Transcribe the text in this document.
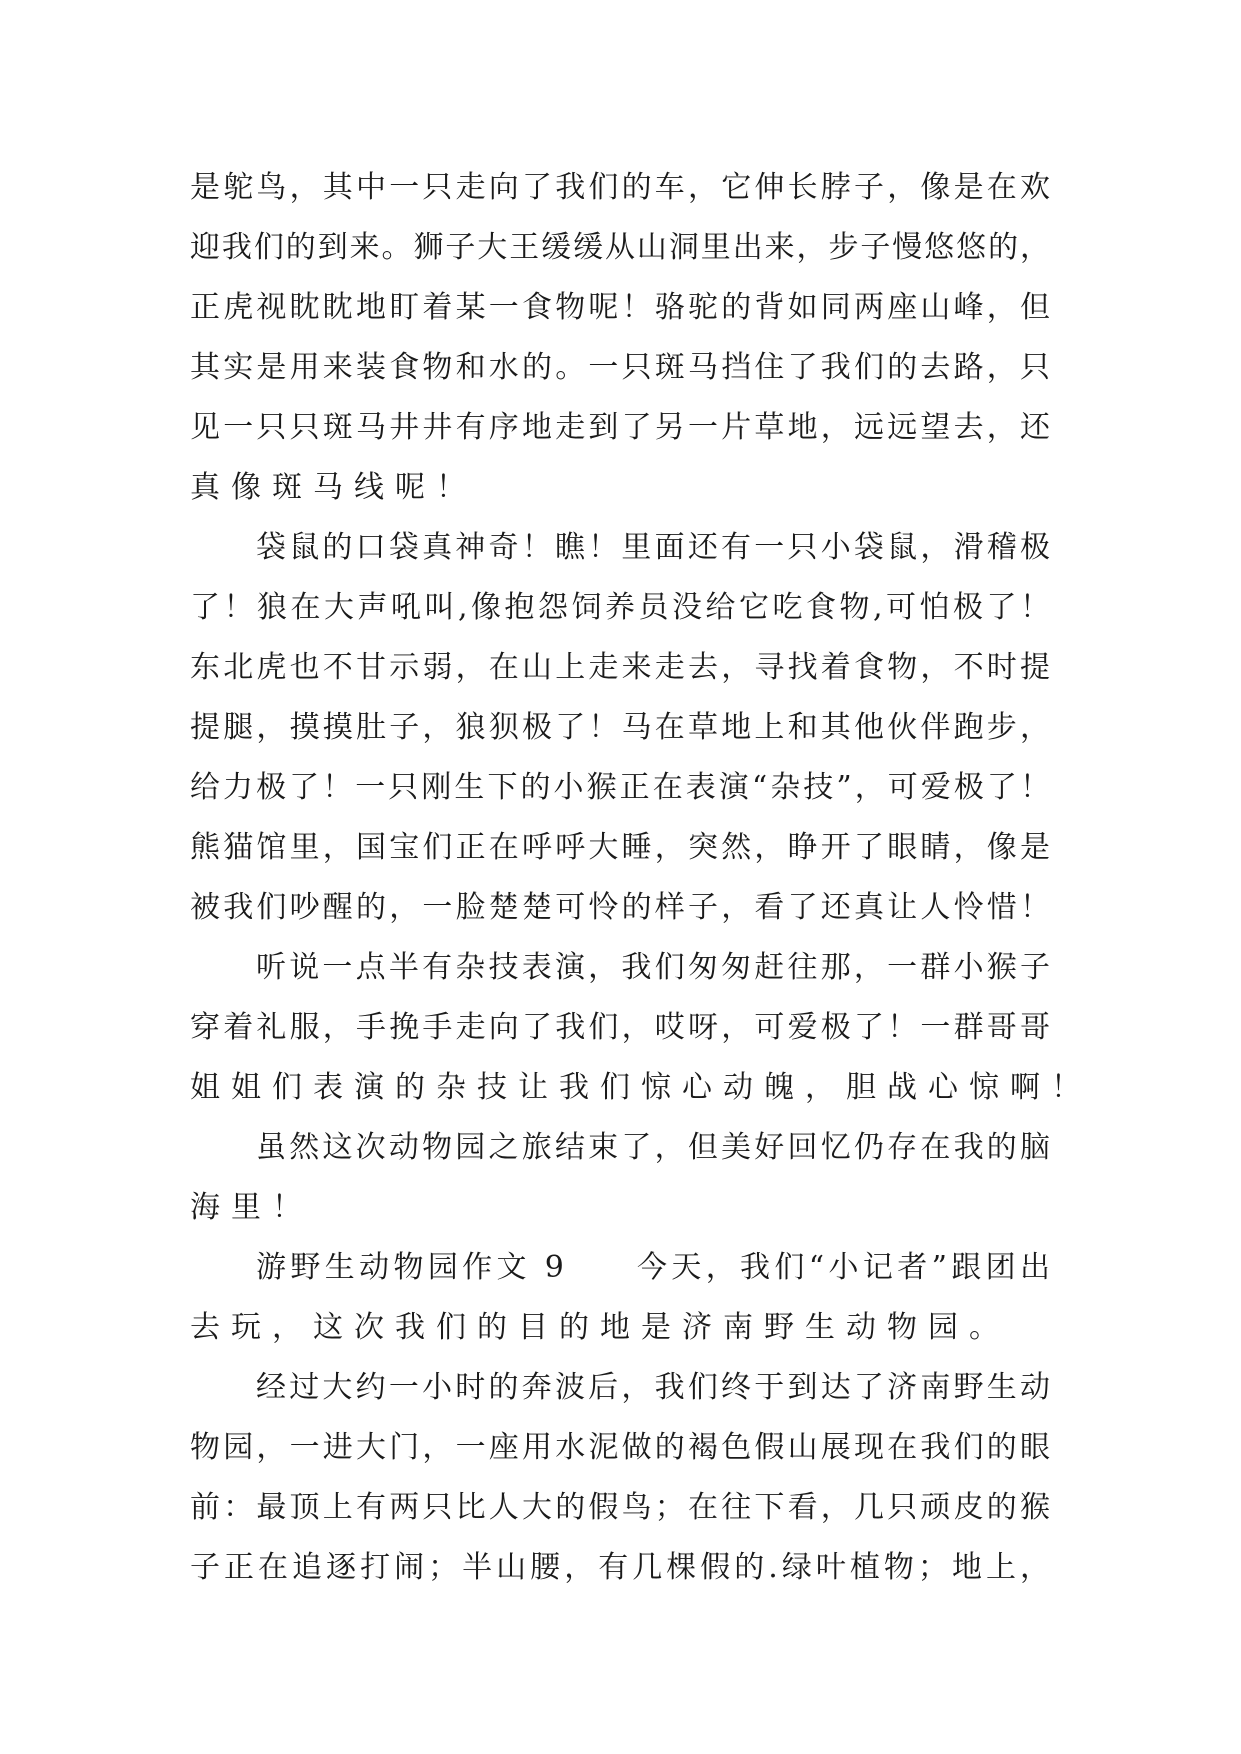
是鸵鸟，其中一只走向了我们的车，它伸长脖子，像是在欢
迎我们的到来。狮子大王缓缓从山洞里出来，步子慢悠悠的，
正虎视眈眈地盯着某一食物呢！骆驼的背如同两座山峰，但
其实是用来装食物和水的。一只斑马挡住了我们的去路，只
见一只只斑马井井有序地走到了另一片草地，远远望去，还
真像斑马线呢！
袋鼠的口袋真神奇！瞧！里面还有一只小袋鼠，滑稽极
了！狼在大声吼叫,像抱怨饲养员没给它吃食物,可怕极了！
东北虎也不甘示弱，在山上走来走去，寻找着食物，不时提
提腿，摸摸肚子，狼狈极了！马在草地上和其他伙伴跑步，
给力极了！一只刚生下的小猴正在表演“杂技”，可爱极了！
熊猫馆里，国宝们正在呼呼大睡，突然，睁开了眼睛，像是
被我们吵醒的，一脸楚楚可怜的样子，看了还真让人怜惜！
听说一点半有杂技表演，我们匆匆赶往那，一群小猴子
穿着礼服，手挽手走向了我们，哎呀，可爱极了！一群哥哥
姐姐们表演的杂技让我们惊心动魄，胆战心惊啊！
虽然这次动物园之旅结束了，但美好回忆仍存在我的脑
海里！
游野生动物园作文 9　　今天，我们“小记者”跟团出
去玩，这次我们的目的地是济南野生动物园。
经过大约一小时的奔波后，我们终于到达了济南野生动
物园，一进大门，一座用水泥做的褐色假山展现在我们的眼
前：最顶上有两只比人大的假鸟；在往下看，几只顽皮的猴
子正在追逐打闹；半山腰，有几棵假的.绿叶植物；地上，
